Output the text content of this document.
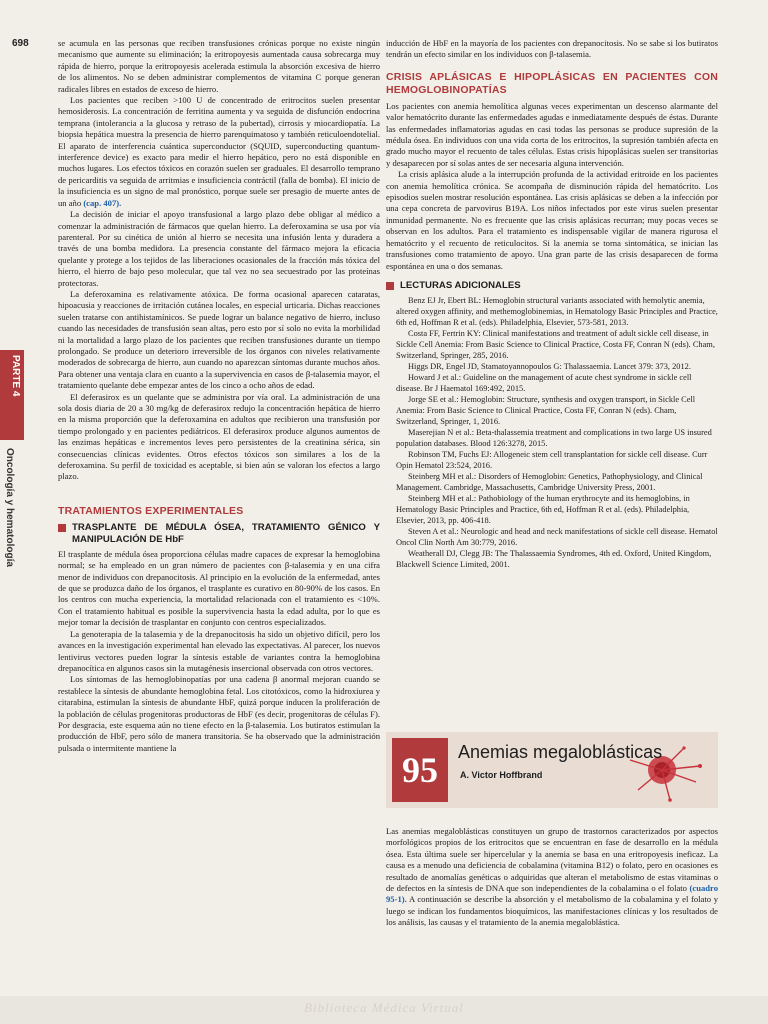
698
PARTE 4
Oncología y hematología

se acumula en las personas que reciben transfusiones crónicas porque no existe ningún mecanismo que aumente su eliminación; la eritropoyesis aumentada causa sobrecarga muy rápida de hierro, porque la eritropoyesis acelerada estimula la absorción excesiva de hierro de los alimentos. No se deben administrar complementos de vitamina C porque generan radicales libres en estados de exceso de hierro.

Los pacientes que reciben >100 U de concentrado de eritrocitos suelen presentar hemosiderosis. La concentración de ferritina aumenta y va seguida de disfunción endocrina temprana (intolerancia a la glucosa y retraso de la pubertad), cirrosis y miocardiopatía. La biopsia hepática muestra la presencia de hierro parenquimatoso y también reticuloendotelial. El aparato de interferencia cuántica superconductor (SQUID, superconducting quantum-interference device) es exacto para medir el hierro hepático, pero no está disponible en muchos lugares. Los efectos tóxicos en corazón suelen ser graduales. El desarrollo temprano de pericarditis va seguida de arritmias e insuficiencia contráctil (falla de bomba). El inicio de la insuficiencia es un signo de mal pronóstico, porque suele ser presagio de muerte antes de un año (cap. 407).

La decisión de iniciar el apoyo transfusional a largo plazo debe obligar al médico a comenzar la administración de fármacos que quelan hierro. La deferoxamina se usa por vía parenteral. Por su cinética de unión al hierro se necesita una infusión lenta y duradera a través de una bomba medidora. La presencia constante del fármaco mejora la eficacia quelante y protege a los tejidos de las liberaciones ocasionales de la fracción más tóxica del hierro, el hierro de bajo peso molecular, que tal vez no sea secuestrado por las proteínas protectoras.

La deferoxamina es relativamente atóxica. De forma ocasional aparecen cataratas, hipoacusia y reacciones de irritación cutánea locales, en especial urticaria. Dichas reacciones suelen tratarse con antihistamínicos. Se puede lograr un balance negativo de hierro, incluso cuando las necesidades de transfusión sean altas, pero esto por sí solo no evita la morbilidad ni la mortalidad a largo plazo de los pacientes que reciben transfusiones durante un tiempo prolongado. Se produce un deterioro irreversible de los órganos con niveles relativamente moderados de sobrecarga de hierro, aun cuando no aparezcan síntomas durante muchos años. Para obtener una ventaja clara en cuanto a la supervivencia en casos de β-talasemia mayor, el tratamiento quelante debe empezar antes de los cinco a ocho años de edad.

El deferasirox es un quelante que se administra por vía oral. La administración de una sola dosis diaria de 20 a 30 mg/kg de deferasirox redujo la concentración hepática de hierro en la misma proporción que la deferoxamina en adultos que recibieron una transfusión por tiempo prolongado y en pacientes pediátricos. El deferasirox produce algunos aumentos de las enzimas hepáticas e incrementos leves pero persistentes de la creatinina sérica, sin consecuencias clínicas evidentes. Otros efectos tóxicos son similares a los de la deferoxamina. Su perfil de toxicidad es aceptable, si bien aún se valoran los efectos a largo plazo.

TRATAMIENTOS EXPERIMENTALES
TRASPLANTE DE MÉDULA ÓSEA, TRATAMIENTO GÉNICO Y MANIPULACIÓN DE HbF

El trasplante de médula ósea proporciona células madre capaces de expresar la hemoglobina normal; se ha empleado en un gran número de pacientes con β-talasemia y en una cifra menor de individuos con drepanocitosis. Al principio en la evolución de la enfermedad, antes de que se produzca daño de los órganos, el trasplante es curativo en 80-90% de los casos. En los centros con mucha experiencia, la mortalidad relacionada con el tratamiento es <10%. Con el tratamiento habitual es posible la supervivencia hasta la edad adulta, por lo que es mejor tomar la decisión de trasplantar en conjunto con centros especializados.

La genoterapia de la talasemia y de la drepanocitosis ha sido un objetivo difícil, pero los avances en la investigación experimental han elevado las expectativas. Al parecer, los nuevos lentivirus vectores pueden lograr la síntesis estable de variantes contra la hemoglobina drepanocítica en algunos casos sin la mutagénesis insercional observada con otros vectores.

Los síntomas de las hemoglobinopatías por una cadena β anormal mejoran cuando se restablece la síntesis de abundante hemoglobina fetal. Los citotóxicos, como la hidroxiurea y citarabina, estimulan la síntesis de abundante HbF, quizá porque inducen la proliferación de la población de células progenitoras productoras de HbF (es decir, progenitoras de células F). Por desgracia, este esquema aún no tiene efecto en la β-talasemia. Los butiratos estimulan la producción de HbF, pero sólo de manera transitoria. Se ha observado que la administración pulsada o intermitente mantiene la

inducción de HbF en la mayoría de los pacientes con drepanocitosis. No se sabe si los butiratos tendrán un efecto similar en los individuos con β-talasemia.

CRISIS APLÁSICAS E HIPOPLÁSICAS EN PACIENTES CON HEMOGLOBINOPATÍAS

Los pacientes con anemia hemolítica algunas veces experimentan un descenso alarmante del valor hematócrito durante las enfermedades agudas e inmediatamente después de éstas. Durante las enfermedades inflamatorias agudas en casi todas las personas se produce supresión de la médula ósea. En individuos con una vida corta de los eritrocitos, la supresión también afecta en grado mucho mayor el recuento de tales células. Estas crisis hipoplásicas suelen ser transitorias y desaparecen por sí solas antes de ser necesaria alguna intervención.

La crisis aplásica alude a la interrupción profunda de la actividad eritroide en los pacientes con anemia hemolítica crónica. Se acompaña de disminución rápida del hematócrito. Los episodios suelen mostrar resolución espontánea. Las crisis aplásicas se deben a la infección por una cepa concreta de parvovirus B19A. Los niños infectados por este virus suelen presentar inmunidad permanente. No es frecuente que las crisis aplásicas recurran; muy pocas veces se observan en los adultos. Para el tratamiento es indispensable vigilar de manera rigurosa el hematócrito y el recuento de reticulocitos. Si la anemia se torna sintomática, se inician las transfusiones como tratamiento de apoyo. Una gran parte de las crisis desaparecen de forma espontánea en una o dos semanas.

LECTURAS ADICIONALES

Benz EJ Jr, Ebert BL: Hemoglobin structural variants associated with hemolytic anemia, altered oxygen affinity, and methemoglobinemias, in Hematology Basic Principles and Practice, 6th ed, Hoffman R et al. (eds). Philadelphia, Elsevier, 573-581, 2013.

Costa FF, Fertrin KY: Clinical manifestations and treatment of adult sickle cell disease, in Sickle Cell Anemia: From Basic Science to Clinical Practice, Costa FF, Conran N (eds). Cham, Switzerland, Springer, 285, 2016.

Higgs DR, Engel JD, Stamatoyannopoulos G: Thalassaemia. Lancet 379: 373, 2012.

Howard J et al.: Guideline on the management of acute chest syndrome in sickle cell disease. Br J Haematol 169:492, 2015.

Jorge SE et al.: Hemoglobin: Structure, synthesis and oxygen transport, in Sickle Cell Anemia: From Basic Science to Clinical Practice, Costa FF, Conran N (eds). Cham, Switzerland, Springer, 1, 2016.

Maserejian N et al.: Beta-thalassemia treatment and complications in two large US insured population databases. Blood 126:3278, 2015.

Robinson TM, Fuchs EJ: Allogeneic stem cell transplantation for sickle cell disease. Curr Opin Hematol 23:524, 2016.

Steinberg MH et al.: Disorders of Hemoglobin: Genetics, Pathophysiology, and Clinical Management. Cambridge, Massachusetts, Cambridge University Press, 2001.

Steinberg MH et al.: Pathobiology of the human erythrocyte and its hemoglobins, in Hematology Basic Principles and Practice, 6th ed, Hoffman R et al. (eds). Philadelphia, Elsevier, 2013, pp. 406-418.

Steven A et al.: Neurologic and head and neck manifestations of sickle cell disease. Hematol Oncol Clin North Am 30:779, 2016.

Weatherall DJ, Clegg JB: The Thalassaemia Syndromes, 4th ed. Oxford, United Kingdom, Blackwell Science Limited, 2001.

95	Anemias megaloblásticas
A. Victor Hoffbrand

Las anemias megaloblásticas constituyen un grupo de trastornos caracterizados por aspectos morfológicos propios de los eritrocitos que se encuentran en fase de desarrollo en la médula ósea. Esta última suele ser hipercelular y la anemia se basa en una eritropoyesis ineficaz. La causa es a menudo una deficiencia de cobalamina (vitamina B12) o folato, pero en ocasiones es resultado de anomalías genéticas o adquiridas que alteran el metabolismo de estas vitaminas o de defectos en la síntesis de DNA que son independientes de la cobalamina o el folato (cuadro 95-1). A continuación se describe la absorción y el metabolismo de la cobalamina y el folato y luego se indican los fundamentos bioquímicos, las manifestaciones clínicas y los resultados de los análisis, las causas y el tratamiento de la anemia megaloblástica.

Biblioteca Médica Virtual
